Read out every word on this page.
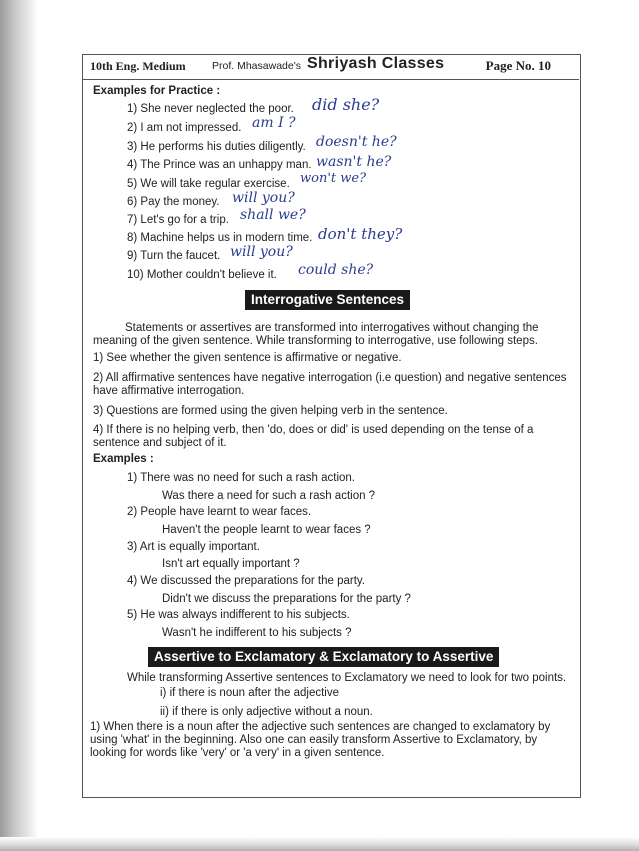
10th Eng. Medium	Prof. Mhasawade's Shriyash Classes	Page No. 10
Examples for Practice :
1) She never neglected the poor. did she?
2) I am not impressed. am I ?
3) He performs his duties diligently. doesn't he?
4) The Prince was an unhappy man. wasn't he?
5) We will take regular exercise. won't we?
6) Pay the money. will you?
7) Let's go for a trip. shall we?
8) Machine helps us in modern time. don't they?
9) Turn the faucet. will you?
10) Mother couldn't believe it. could she?
Interrogative Sentences
Statements or assertives are transformed into interrogatives without changing the meaning of the given sentence. While transforming to interrogative, use following steps.
1) See whether the given sentence is affirmative or negative.
2) All affirmative sentences have negative interrogation (i.e question) and negative sentences have affirmative interrogation.
3) Questions are formed using the given helping verb in the sentence.
4) If there is no helping verb, then 'do, does or did' is used depending on the tense of a sentence and subject of it.
Examples :
1) There was no need for such a rash action.
Was there a need for such a rash action ?
2) People have learnt to wear faces.
Haven't the people learnt to wear faces ?
3) Art is equally important.
Isn't art equally important ?
4) We discussed the preparations for the party.
Didn't we discuss the preparations for the party ?
5) He was always indifferent to his subjects.
Wasn't he indifferent to his subjects ?
Assertive to Exclamatory & Exclamatory to Assertive
While transforming Assertive sentences to Exclamatory we need to look for two points.
i) if there is noun after the adjective
ii) if there is only adjective without a noun.
1) When there is a noun after the adjective such sentences are changed to exclamatory by using 'what' in the beginning. Also one can easily transform Assertive to Exclamatory, by looking for words like 'very' or 'a very' in a given sentence.
